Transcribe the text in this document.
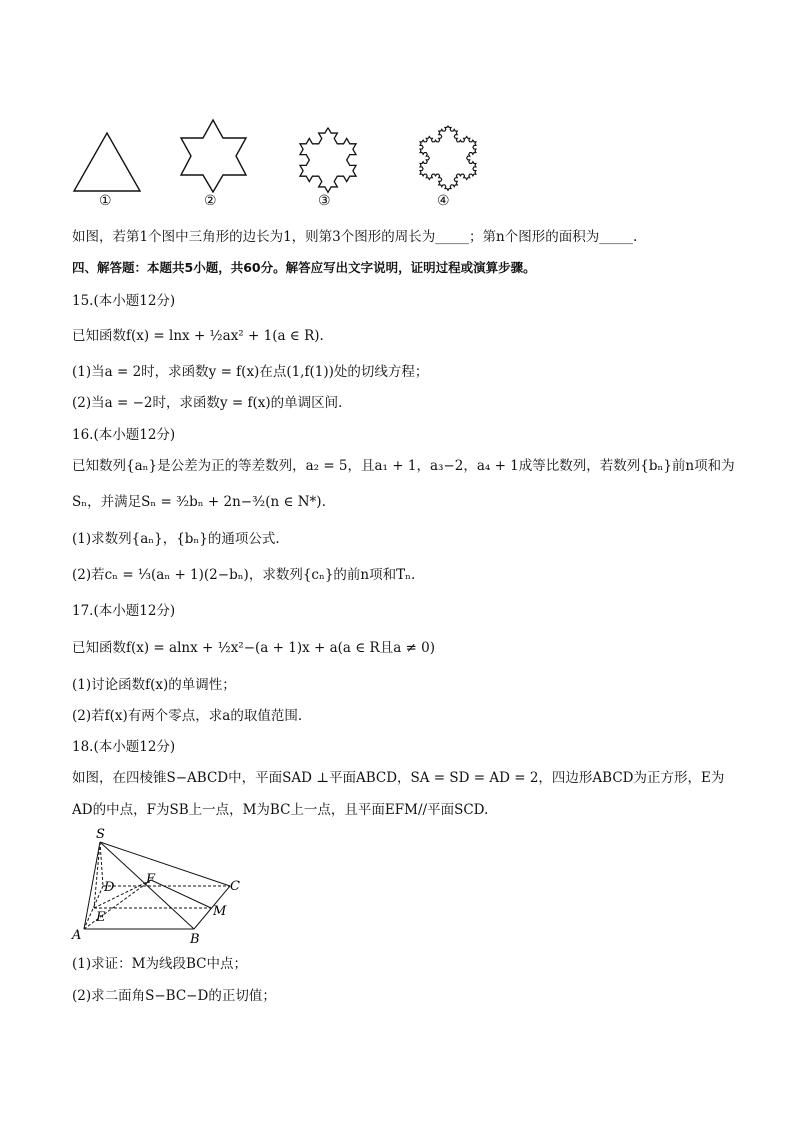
①	②	③	④
如图，若第1个图中三角形的边长为1，则第3个图形的周长为_____；第n个图形的面积为_____.
四、解答题：本题共5小题，共60分。解答应写出文字说明，证明过程或演算步骤。
15.(本小题12分)
已知函数f(x) = lnx + ½ax² + 1(a ∈ R).
(1)当a = 2时，求函数y = f(x)在点(1,f(1))处的切线方程；
(2)当a = −2时，求函数y = f(x)的单调区间.
16.(本小题12分)
已知数列{aₙ}是公差为正的等差数列，a₂ = 5，且a₁ + 1，a₃−2，a₄ + 1成等比数列，若数列{bₙ}前n项和为
Sₙ，并满足Sₙ = ³⁄₂bₙ + 2n−³⁄₂(n ∈ N*).
(1)求数列{aₙ}，{bₙ}的通项公式.
(2)若cₙ = ⅓(aₙ + 1)(2−bₙ)，求数列{cₙ}的前n项和Tₙ.
17.(本小题12分)
已知函数f(x) = alnx + ½x²−(a + 1)x + a(a ∈ R且a ≠ 0)
(1)讨论函数f(x)的单调性；
(2)若f(x)有两个零点，求a的取值范围.
18.(本小题12分)
如图，在四棱锥S−ABCD中，平面SAD ⊥平面ABCD，SA = SD = AD = 2，四边形ABCD为正方形，E为
AD的中点，F为SB上一点，M为BC上一点，且平面EFM//平面SCD.
S
A	B
C
D
E
F
M
(1)求证：M为线段BC中点；
(2)求二面角S−BC−D的正切值；
